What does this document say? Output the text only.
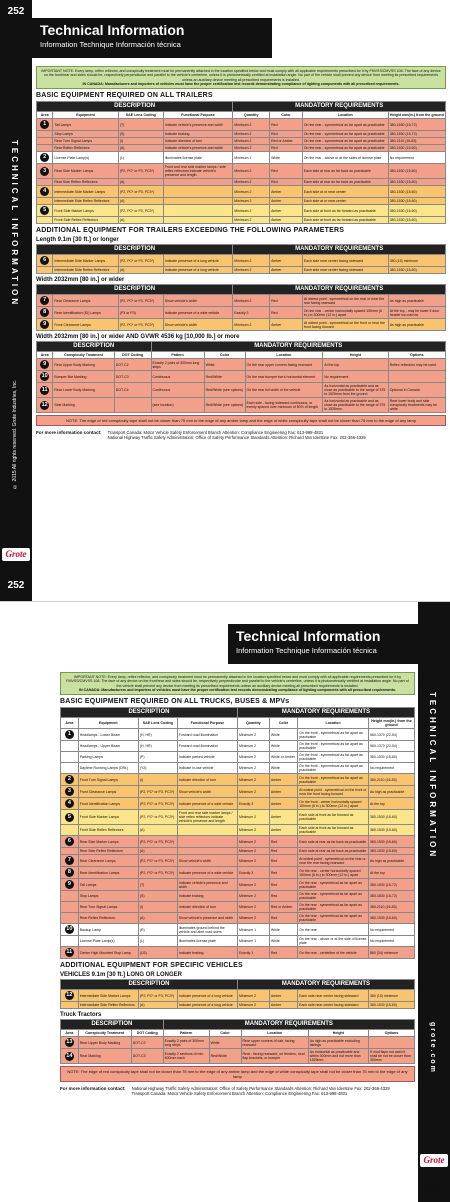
252
TECHNICAL INFORMATION
© 2015 All rights reserved. Grote Industries, Inc.
Grote
252
Technical Information
Information Technique Información técnica
IMPORTANT NOTE: Every lamp, reflex reflector, and conspicuity treatment must be permanently attached in the location specified below and must comply with all applicable requirements prescribed for it by FMVSS/CMVSS 108. The face of any device on the front/rear and sides should be, respectively perpendicular and parallel to the vehicle's centerline, unless it is photometrically certified at installation angle. No part of the vehicle shall prevent any device from meeting its prescribed requirements unless an auxiliary device meeting all prescribed requirements is installed.
IN CANADA: Manufacturers and importers of vehicles must have the proper certification test records demonstrating compliance of lighting components with all prescribed requirements.
BASIC EQUIPMENT REQUIRED ON ALL TRAILERS
DESCRIPTION				MANDATORY REQUIREMENTS			
Area	Equipment	SAE Lens Coding	Functional Purpose	Quantity	Color	Location	Height mm(in.) from the ground
1	Tail Lamps	(T)	Indicate vehicle's presence and width	Minimum 2	Red	On the rear - symmetrical as far apart as practicable	380-1830 (15-72)
	Stop Lamps	(S)	Indicate braking	Minimum 2	Red	On the rear - symmetrical as far apart as practicable	380-1830 (15-72)
	Rear Turn Signal Lamps	(I)	Indicate direction of turn	Minimum 2	Red or Amber	On the rear - symmetrical as far apart as practicable	380-2110 (15-83)
	Rear Reflex Reflectors	(A)	Indicate vehicle's presence and width	Minimum 2	Red	On the rear - symmetrical as far apart as practicable	380-1530 (15-60)
2	License Plate Lamp(s)	(L)	Illuminates license plate	Minimum 1	White	On the rear - above or at the sides of license plate	No requirement
3	Rear Side Marker Lamps	(P2, PC* or P3, PC3*)	Front and rear side marker lamps / side reflex reflectors indicate vehicle's presence and length	Minimum 2	Red	Each side at rear as far back as practicable	380-1530 (15-60)
	Rear Side Reflex Reflectors	(A)		Minimum 2	Red	Each side at rear as far back as practicable	380-1530 (15-60)
4	Intermediate Side Marker Lamps	(P2, PC* or P3, PC3*)		Minimum 2	Amber	Each side at or near center	380-1530 (15-60)
	Intermediate Side Reflex Reflectors	(A)		Minimum 2	Amber	Each side at or near center	380-1530 (15-60)
5	Front Side Marker Lamps	(P2, PC* or P3, PC3*)		Minimum 2	Amber	Each side at front as far forward as practicable	380-1530 (15-60)
	Front Side Reflex Reflectors	(A)		Minimum 2	Amber	Each side at front as far forward as practicable	380-1530 (15-60)
ADDITIONAL EQUIPMENT FOR TRAILERS EXCEEDING THE FOLLOWING PARAMETERS
Length 9.1m [30 ft.] or longer
DESCRIPTION				MANDATORY REQUIREMENTS			
6	Intermediate Side Marker Lamps	(P2, PC* or P3, PC3*)	Indicate presence of a long vehicle	Minimum 2	Amber	Each side near center facing sideward	380 (15) minimum
	Intermediate Side Reflex Reflectors	(A)	Indicate presence of a long vehicle	Minimum 2	Amber	Each side near center facing sideward	380-1530 (15-60)
Width 2032mm [80 in.] or wider
DESCRIPTION				MANDATORY REQUIREMENTS			
7	Rear Clearance Lamps	(P2, PC* or P3, PC3*)	Show vehicle's width	Minimum 2	Red	At widest point - symmetrical on the rear or near the rear facing rearward	As high as practicable
8	Rear Identification (ID) Lamps	(P3 or P3)	Indicate presence of a wide vehicle	Exactly 3	Red	On the rear - center horizontally spaced 150mm (6 in.) to 300mm (12 in.) apart	At the top - may be lower if door header too narrow
9	Front Clearance Lamps	(P2, PC* or P3, PC3*)	Show vehicle's width	Minimum 2	Amber	At widest point - symmetrical on the front or near the front facing forward	As high as practicable
Width 2032mm [80 in.] or wider AND GVWR 4536 kg [10,000 lb.] or more
DESCRIPTION			MANDATORY REQUIREMENTS				
Area	Conspicuity Treatment	DOT Coding	Pattern	Color	Location	Height	Options
9	Rear Upper Body Marking	DOT-C2	Exactly 2 pairs of 300mm long strips	White	On the rear upper corners facing rearward	At the top	Reflex reflectors may be used
10	Bumper Bar Marking	DOT-C3	Continuous	Red/White	On the rear bumper bar's horizontal element	No requirement	
11	Rear Lower Body Marking	DOT-C4	Continuous	Red/White (see options)	On the rear full width of the vehicle	As horizontal as practicable and as close as practicable to the range of 375 to 1525mm from the ground	Optional in Canada
12	Side Marking		(see location)	Red/White (see options)	Each side - facing sideward continuous, or evenly spaced over minimum of 50% of length	As horizontal as practicable and as close as practicable to the range of 375 to 1525mm	Rear lower body and side conspicuity treatments may be white
NOTE: The edge of red conspicuity tape shall not be closer than 75 mm to the edge of any amber lamp and the edge of white conspicuity tape shall not be closer than 75 mm to the edge of any lamp
For more information contact: Transport Canada: Motor Vehicle Safety Enforcement Branch Attention: Compliance Engineering Fax: 613-998-4831
National Highway Traffic Safety Administration: Office of Safety Performance Standards Attention: Richard Van Iderstine Fax: 202-366-4329
TECHNICAL INFORMATION
grote.com
Grote
255
Technical Information
Information Technique Información técnica
IMPORTANT NOTE: Every lamp, reflex reflector, and conspicuity treatment must be permanently attached in the location specified below and must comply with all applicable requirements prescribed for it by FMVSS/CMVSS 108. The face of any device on the front/rear and sides should be, respectively perpendicular and parallel to the vehicle's centerline, unless it is photometrically certified at installation angle. No part of the vehicle shall prevent any device from meeting its prescribed requirements unless an auxiliary device meeting all prescribed requirements is installed.
IN CANADA: Manufacturers and importers of vehicles must have the proper certification test records demonstrating compliance of lighting components with all prescribed requirements.
BASIC EQUIPMENT REQUIRED ON ALL TRUCKS, BUSES & MPVs
DESCRIPTION				MANDATORY REQUIREMENTS			
Area	Equipment	SAE Lens Coding	Functional Purpose	Quantity	Color	Location	Height mm(in.) from the ground
1	Headlamps - Lower Beam	(H, HR)	Forward road illumination	Minimum 2	White	On the front - symmetrical as far apart as practicable	560-1370 (22-54)
	Headlamps - Upper Beam	(H, HR)	Forward road illumination	Minimum 2	White	On the front - symmetrical as far apart as practicable	560-1370 (22-54)
	Parking Lamps	(P)	Indicate parked vehicle	Minimum 2	White or Amber	On the front - symmetrical as far apart as practicable	380-1530 (15-60)
	Daytime Running Lamps (DRL)	(Y2)	Indicate in-use vehicle	Minimum 2	White	On the front - symmetrical as far apart as practicable	No requirement
2	Front Turn Signal Lamps	(I)	Indicate direction of turn	Minimum 2	Amber	On the front - symmetrical as far apart as practicable	380-2110 (15-83)
3	Front Clearance Lamps	(P2, PC* or P3, PC3*)	Show vehicle's width	Minimum 2	Amber	At widest point - symmetrical on the front or near the front facing forward	As high as practicable
4	Front Identification Lamps	(P2, PC* or P3, PC3*)	Indicate presence of a wide vehicle	Exactly 3	Amber	On the front - center horizontally spaced 150mm (6 in.) to 300mm (12 in.) apart	At the top
5	Front Side Marker Lamps	(P2, PC* or P3, PC3*)	Front and rear side marker lamps / side reflex reflectors indicate vehicle's presence and length	Minimum 2	Amber	Each side at front as far forward as practicable	380-1530 (15-60)
	Front Side Reflex Reflectors	(A)		Minimum 2	Amber	Each side at front as far forward as practicable	380-1530 (15-60)
6	Rear Side Marker Lamps	(P2, PC* or P3, PC3*)		Minimum 2	Red	Each side at rear as far back as practicable	380-1530 (15-60)
	Rear Side Reflex Reflectors	(A)		Minimum 2	Red	Each side at rear as far back as practicable	380-1530 (15-60)
7	Rear Clearance Lamps	(P2, PC* or P3, PC3*)	Show vehicle's width	Minimum 2	Red	At widest point - symmetrical on the rear or near the rear facing rearward	As high as practicable
8	Rear Identification Lamps	(P2, PC* or P3, PC3*)	Indicate presence of a wide vehicle	Exactly 3	Red	On the rear - center horizontally spaced 150mm (6 in.) to 300mm (12 in.) apart	At the top
9	Tail Lamps	(T)	Indicate vehicle's presence and width	Minimum 2	Red	On the rear - symmetrical as far apart as practicable	380-1830 (15-72)
	Stop Lamps	(S)	Indicate braking	Minimum 2	Red	On the rear - symmetrical as far apart as practicable	380-1830 (15-72)
	Rear Turn Signal Lamps	(I)	Indicate direction of turn	Minimum 2	Red or Amber	On the rear - symmetrical as far apart as practicable	380-2110 (15-83)
	Rear Reflex Reflectors	(A)	Show vehicle's presence and width	Minimum 2	Red	On the rear - symmetrical as far apart as practicable	380-1530 (15-60)
10	Backup Lamp	(R)	Illuminates ground behind the vehicle and alert road users	Minimum 1	White	On the rear	No requirement
	License Plate Lamp(s)	(L)	Illuminates license plate	Minimum 1	White	On the rear - above or at the side of license plate	No requirement
11	Center High Mounted Stop Lamp	(U3)	Indicate braking	Exactly 1	Red	On the rear - centerline of the vehicle	860 (34) minimum
ADDITIONAL EQUIPMENT FOR SPECIFIC VEHICLES
VEHICLES 9.1m [30 ft.] LONG OR LONGER
DESCRIPTION				MANDATORY REQUIREMENTS			
12	Intermediate Side Marker Lamps	(P2, PC* or P3, PC3*)	Indicate presence of a long vehicle	Minimum 2	Amber	Each side near center facing sideward	380 (15) minimum
	Intermediate Side Reflex Reflectors	(A)	Indicate presence of a long vehicle	Minimum 2	Amber	Each side near center facing sideward	380-1530 (15-60)
Truck Tractors
DESCRIPTION			MANDATORY REQUIREMENTS				
Area	Conspicuity Treatment	DOT Coding	Pattern	Color	Location	Height	Options
13	Rear Upper Body Marking	DOT-C2	Exactly 2 pairs of 300mm long strips	White	Rear upper corners of cab, facing rearward	As high as practicable excluding fairings	
14	Rear Marking	DOT-C3	Exactly 2 sections of min. 600mm each	Red/White	Rear - facing rearward, on fenders, mud flap brackets, or bumper	As horizontal as practicable and within 300mm and not more than 1525mm	If mud flaps not used it shall be not be closer than 300mm
NOTE: The edge of red conspicuity tape shall not be closer than 75 mm to the edge of any amber lamp and the edge of white conspicuity tape shall not be closer than 75 mm to the edge of any lamp
For more information contact: National Highway Traffic Safety Administration: Office of Safety Performance Standards Attention: Richard Van Iderstine Fax: 202-366-4329
Transport Canada: Motor Vehicle Safety Enforcement Branch Attention: Compliance Engineering Fax: 613-998-4831
